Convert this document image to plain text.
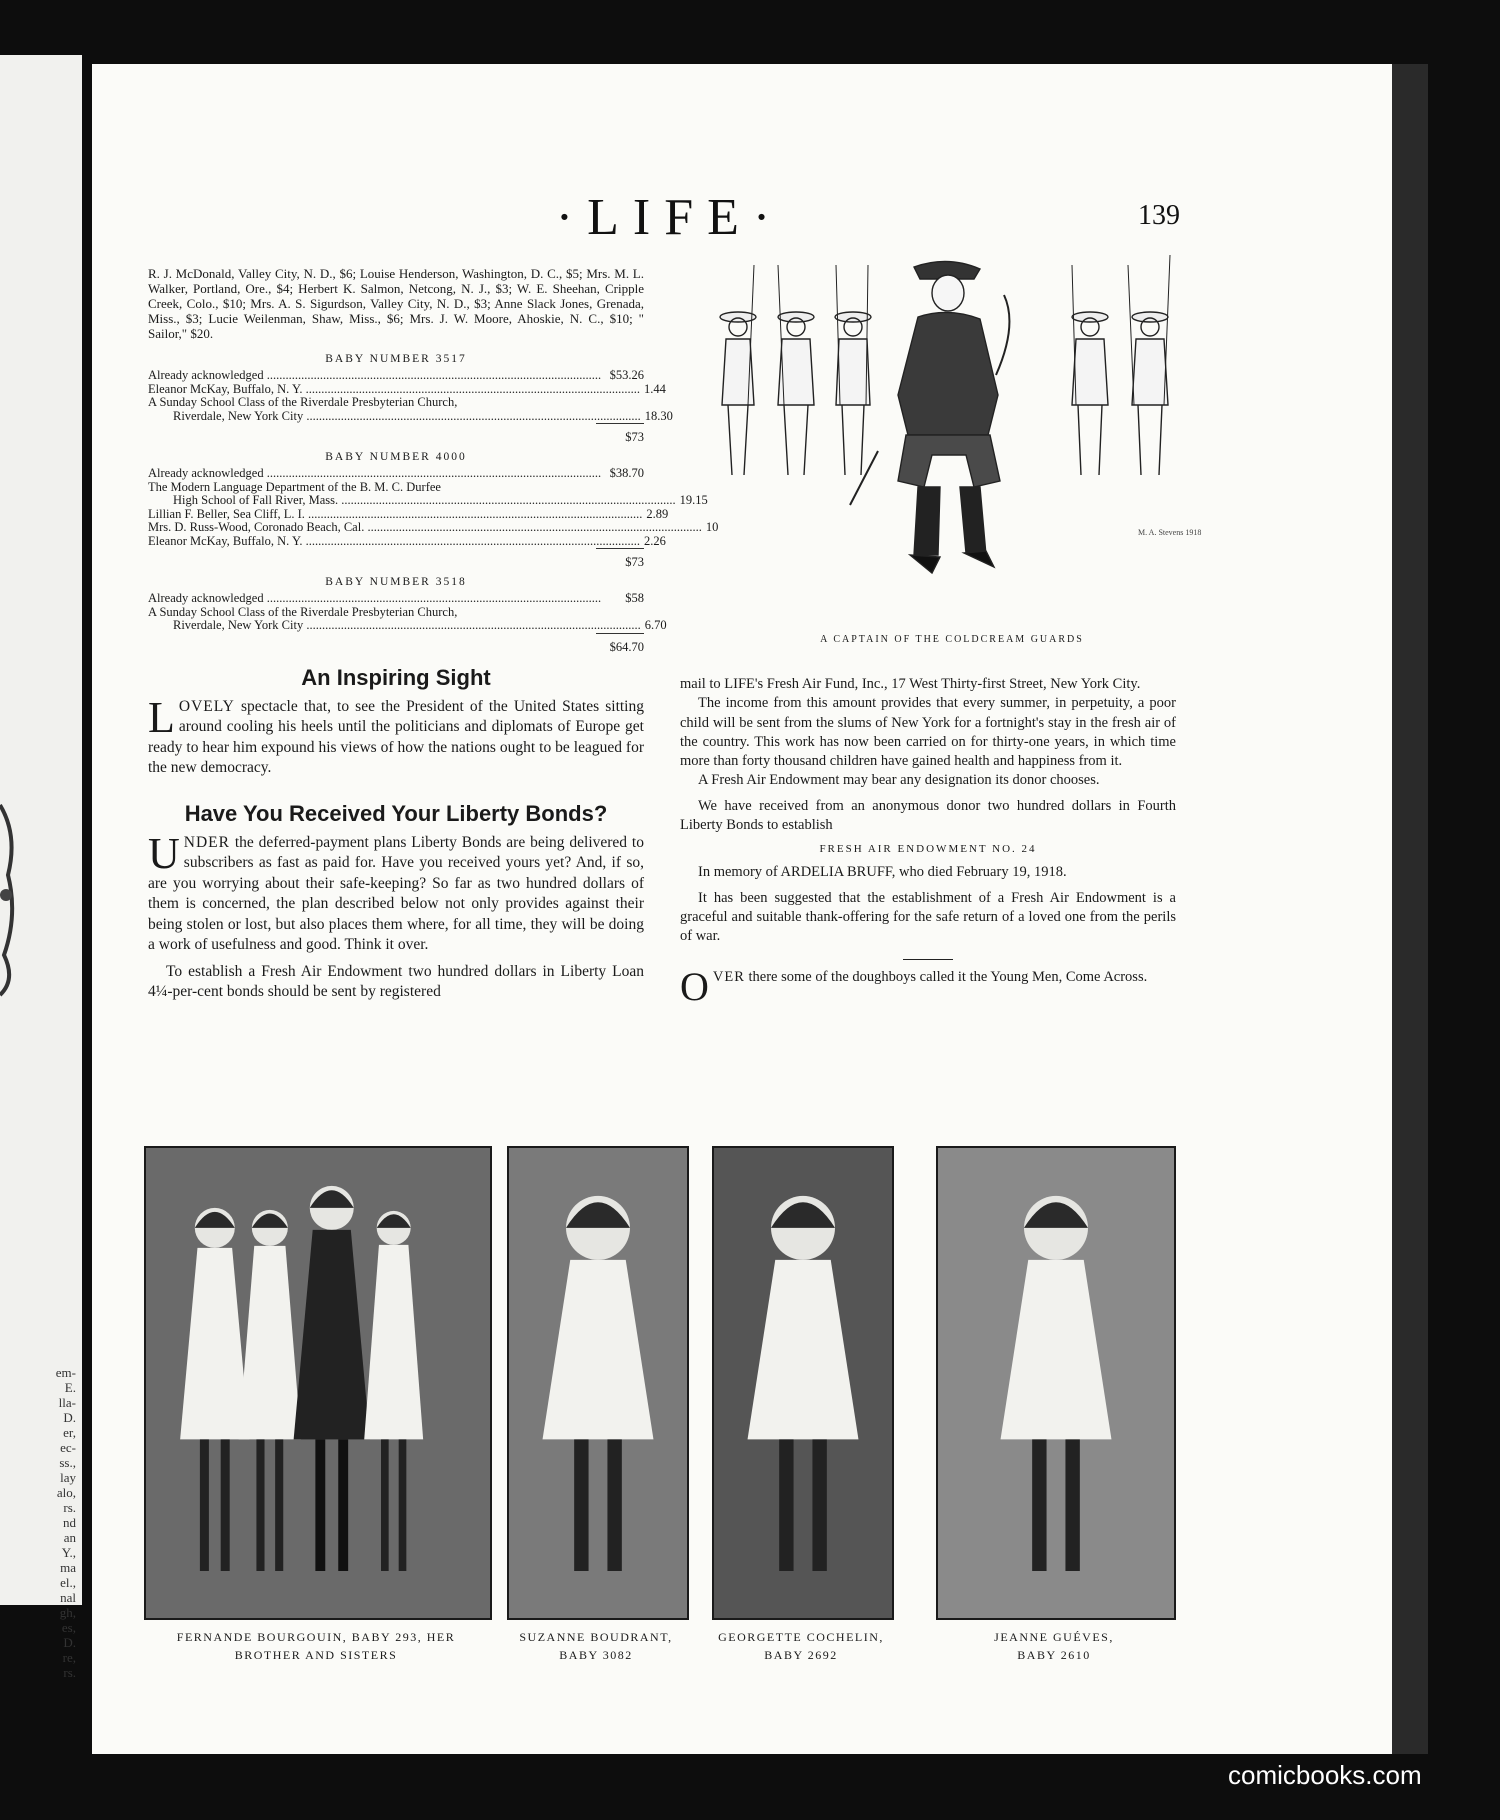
em-
E.
lla-
D.
er,
ec-
ss.,
lay
alo,
rs.
nd
an
Y.,
ma
el.,
nal
gh,
es,
D.
re,
rs.
·LIFE·	139

R. J. McDonald, Valley City, N. D., $6; Louise Henderson, Washington, D. C., $5; Mrs. M. L. Walker, Portland, Ore., $4; Herbert K. Salmon, Netcong, N. J., $3; W. E. Sheehan, Cripple Creek, Colo., $10; Mrs. A. S. Sigurdson, Valley City, N. D., $3; Anne Slack Jones, Grenada, Miss., $3; Lucie Weilenman, Shaw, Miss., $6; Mrs. J. W. Moore, Ahoskie, N. C., $10; " Sailor," $20.

BABY NUMBER 3517

Already acknowledged .....	$53.26
Eleanor McKay, Buffalo, N. Y. .....	1.44
A Sunday School Class of the Riverdale Presbyterian Church,
Riverdale, New York City .....	18.30
$73

BABY NUMBER 4000

Already acknowledged .....	$38.70
The Modern Language Department of the B. M. C. Durfee
High School of Fall River, Mass. .....	19.15
Lillian F. Beller, Sea Cliff, L. I. .....	2.89
Mrs. D. Russ-Wood, Coronado Beach, Cal. .....	10
Eleanor McKay, Buffalo, N. Y. .....	2.26
$73

BABY NUMBER 3518

Already acknowledged .....	$58
A Sunday School Class of the Riverdale Presbyterian Church,
Riverdale, New York City .....	6.70
$64.70
An Inspiring Sight

LOVELY spectacle that, to see the President of the United States sitting around cooling his heels until the politicians and diplomats of Europe get ready to hear him expound his views of how the nations ought to be leagued for the new democracy.

Have You Received Your Liberty Bonds?

UNDER the deferred-payment plans Liberty Bonds are being delivered to subscribers as fast as paid for. Have you received yours yet? And, if so, are you worrying about their safe-keeping? So far as two hundred dollars of them is concerned, the plan described below not only provides against their being stolen or lost, but also places them where, for all time, they will be doing a work of usefulness and good. Think it over.

To establish a Fresh Air Endowment two hundred dollars in Liberty Loan 4¼-per-cent bonds should be sent by registered

M. A. Stevens 1918
A CAPTAIN OF THE COLDCREAM GUARDS

mail to LIFE's Fresh Air Fund, Inc., 17 West Thirty-first Street, New York City.

The income from this amount provides that every summer, in perpetuity, a poor child will be sent from the slums of New York for a fortnight's stay in the fresh air of the country. This work has now been carried on for thirty-one years, in which time more than forty thousand children have gained health and happiness from it.

A Fresh Air Endowment may bear any designation its donor chooses.

We have received from an anonymous donor two hundred dollars in Fourth Liberty Bonds to establish

FRESH AIR ENDOWMENT NO. 24

In memory of ARDELIA BRUFF, who died February 19, 1918.

It has been suggested that the establishment of a Fresh Air Endowment is a graceful and suitable thank-offering for the safe return of a loved one from the perils of war.

OVER there some of the doughboys called it the Young Men, Come Across.

FERNANDE BOURGOUIN, BABY 293, HER
BROTHER AND SISTERS
SUZANNE BOUDRANT,
BABY 3082
GEORGETTE COCHELIN,
BABY 2692
JEANNE GUÉVES,
BABY 2610
comicbooks.com
